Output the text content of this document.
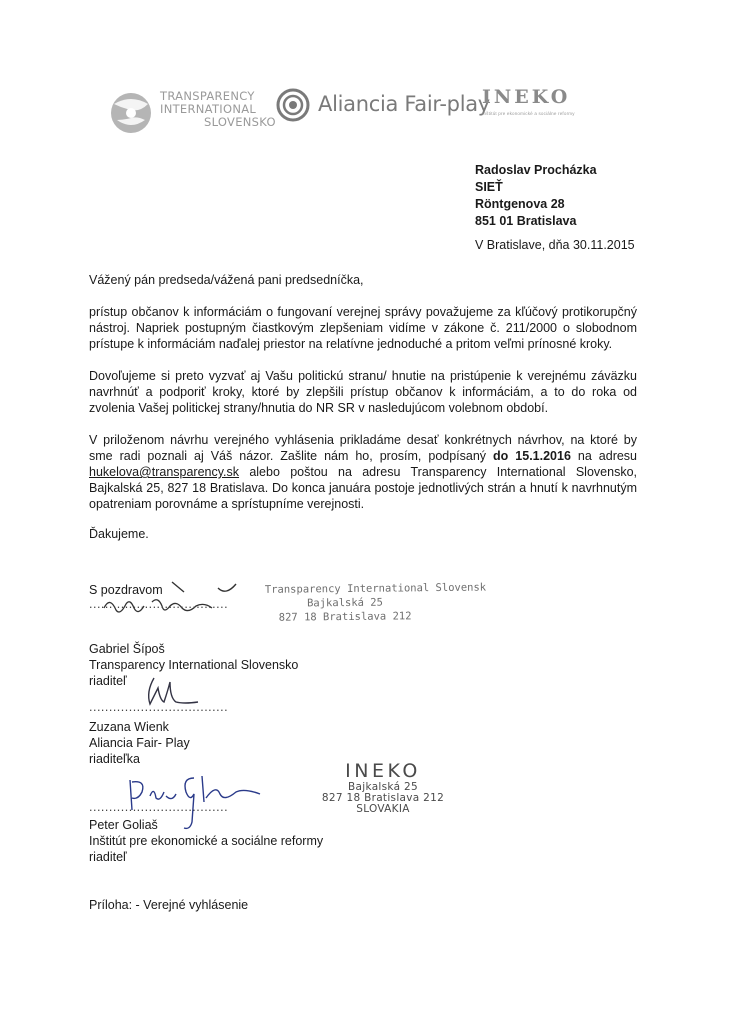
TRANSPARENCY
INTERNATIONAL
SLOVENSKO
Aliancia Fair-play
INEKO
Inštitút pre ekonomické a sociálne reformy
Radoslav Procházka
SIEŤ
Röntgenova 28
851 01 Bratislava
V Bratislave, dňa 30.11.2015
Vážený pán predseda/vážená pani predsedníčka,
prístup občanov k informáciám o fungovaní verejnej správy považujeme za kľúčový protikorupčný nástroj. Napriek postupným čiastkovým zlepšeniam vidíme v zákone č. 211/2000 o slobodnom prístupe k informáciám naďalej priestor na relatívne jednoduché a pritom veľmi prínosné kroky.
Dovoľujeme si preto vyzvať aj Vašu politickú stranu/ hnutie na pristúpenie k verejnému záväzku navrhnúť a podporiť kroky, ktoré by zlepšili prístup občanov k informáciám, a to do roka od zvolenia Vašej politickej strany/hnutia do NR SR v nasledujúcom volebnom období.
V priloženom návrhu verejného vyhlásenia prikladáme desať konkrétnych návrhov, na ktoré by sme radi poznali aj Váš názor. Zašlite nám ho, prosím, podpísaný do 15.1.2016 na adresu hukelova@transparency.sk alebo poštou na adresu Transparency International Slovensko, Bajkalská 25, 827 18 Bratislava. Do konca januára postoje jednotlivých strán a hnutí k navrhnutým opatreniam porovnáme a sprístupníme verejnosti.
Ďakujeme.
S pozdravom
...................................
Transparency International Slovensk
Bajkalská 25
827 18 Bratislava 212
Gabriel Šípoš
Transparency International Slovensko
riaditeľ
...................................
Zuzana Wienk
Aliancia Fair- Play
riaditeľka
INEKO
Bajkalská 25
827 18 Bratislava 212
SLOVAKIA
...................................
Peter Goliaš
Inštitút pre ekonomické a sociálne reformy
riaditeľ
Príloha: - Verejné vyhlásenie
